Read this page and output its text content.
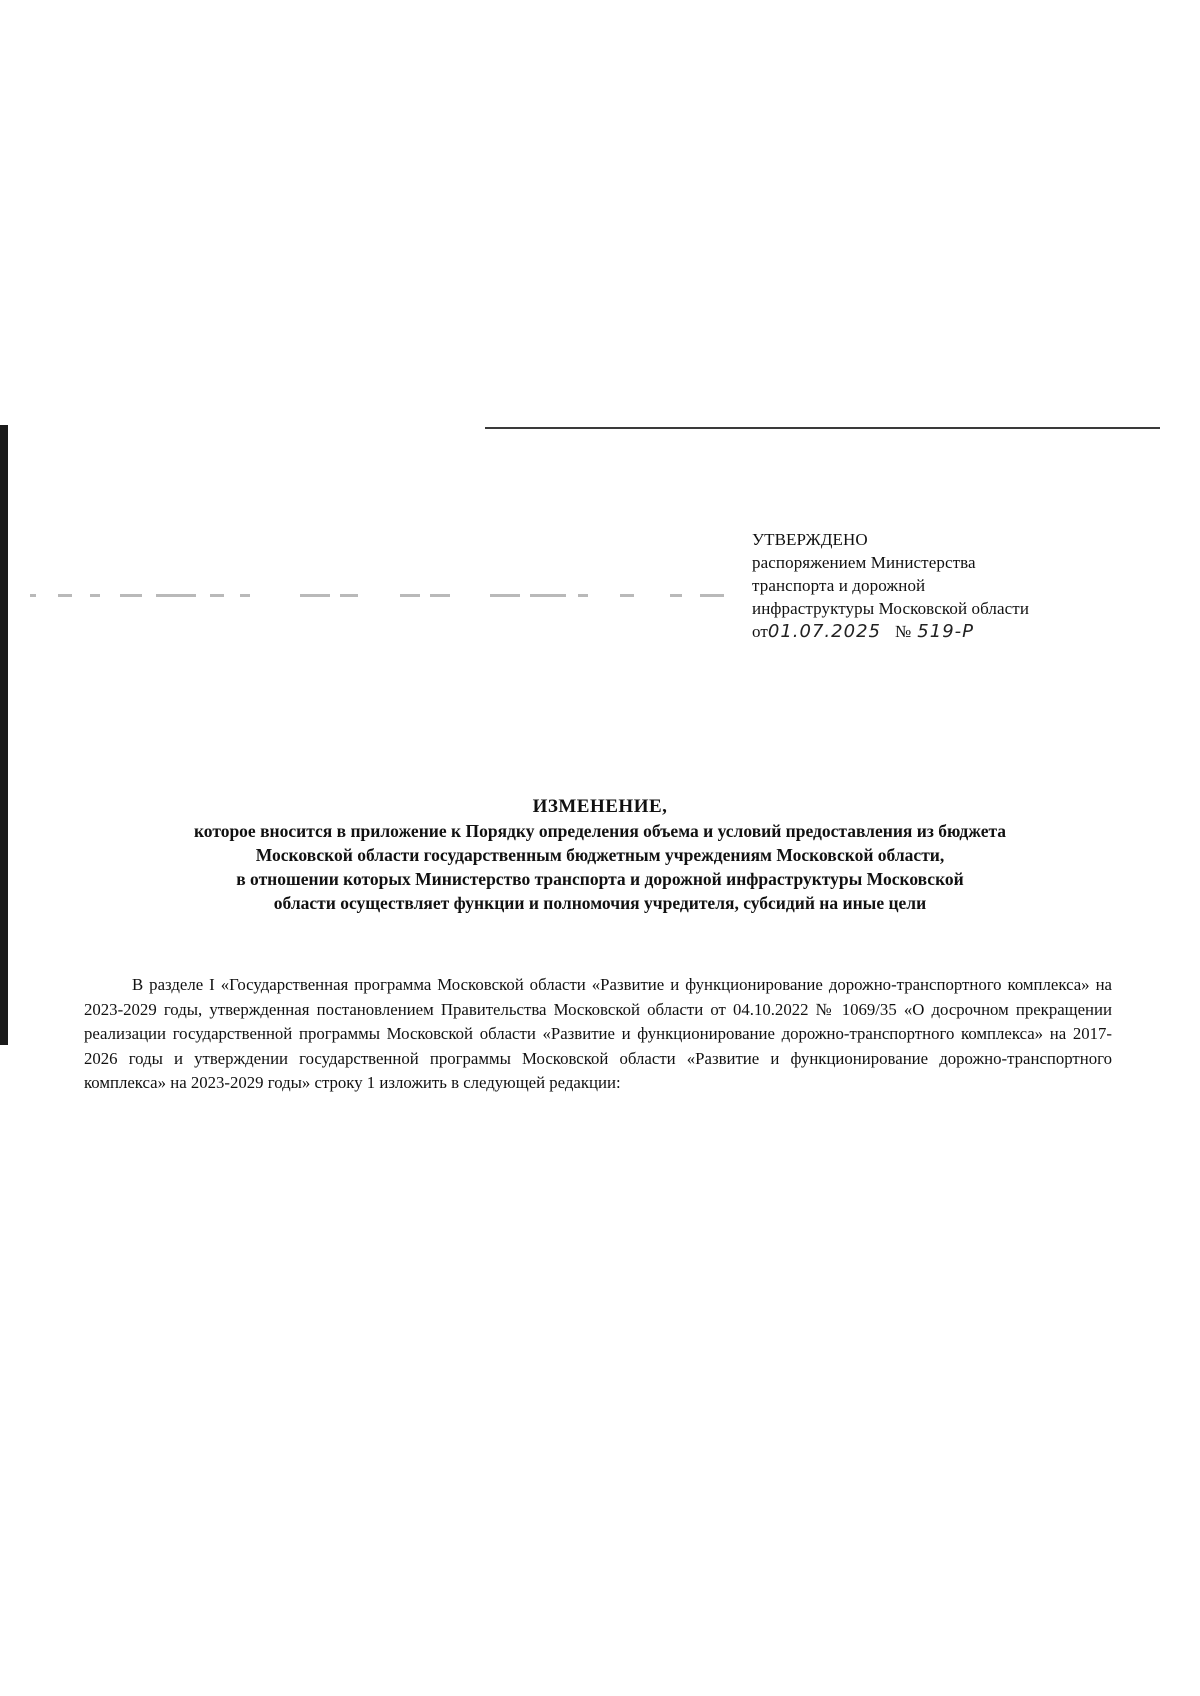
УТВЕРЖДЕНО
распоряжением Министерства
транспорта и дорожной
инфраструктуры Московской области
от01.07.2025 № 519-Р
ИЗМЕНЕНИЕ,
которое вносится в приложение к Порядку определения объема и условий предоставления из бюджета
Московской области государственным бюджетным учреждениям Московской области,
в отношении которых Министерство транспорта и дорожной инфраструктуры Московской
области осуществляет функции и полномочия учредителя, субсидий на иные цели

В разделе I «Государственная программа Московской области «Развитие и функционирование дорожно-транспортного комплекса» на 2023-2029 годы, утвержденная постановлением Правительства Московской области от 04.10.2022 № 1069/35 «О досрочном прекращении реализации государственной программы Московской области «Развитие и функционирование дорожно-транспортного комплекса» на 2017-2026 годы и утверждении государственной программы Московской области «Развитие и функционирование дорожно-транспортного комплекса» на 2023-2029 годы» строку 1 изложить в следующей редакции:
